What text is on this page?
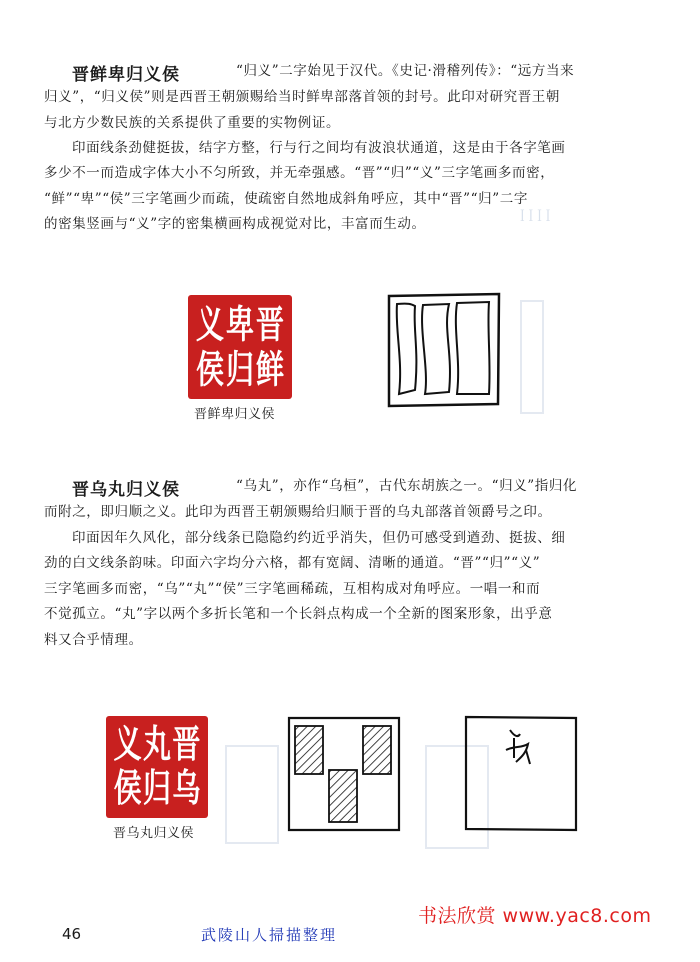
ꟾ ꟾ ꟾ ꟾ
晋鲜卑归义侯	“归义”二字始见于汉代。《史记·滑稽列传》：“远方当来
归义”，“归义侯”则是西晋王朝颁赐给当时鲜卑部落首领的封号。此印对研究晋王朝
与北方少数民族的关系提供了重要的实物例证。
印面线条劲健挺拔，结字方整，行与行之间均有波浪状通道，这是由于各字笔画
多少不一而造成字体大小不匀所致，并无牵强感。“晋”“归”“义”三字笔画多而密，
“鲜”“卑”“侯”三字笔画少而疏，使疏密自然地成斜角呼应，其中“晋”“归”二字
的密集竖画与“义”字的密集横画构成视觉对比，丰富而生动。
义 卑 晋
侯 归 鲜
晋鲜卑归义侯
晋乌丸归义侯	“乌丸”，亦作“乌桓”，古代东胡族之一。“归义”指归化
而附之，即归顺之义。此印为西晋王朝颁赐给归顺于晋的乌丸部落首领爵号之印。
印面因年久风化，部分线条已隐隐约约近乎消失，但仍可感受到遒劲、挺拔、细
劲的白文线条韵味。印面六字均分六格，都有宽阔、清晰的通道。“晋”“归”“义”
三字笔画多而密，“乌”“丸”“侯”三字笔画稀疏，互相构成对角呼应。一唱一和而
不觉孤立。“丸”字以两个多折长笔和一个长斜点构成一个全新的图案形象，出乎意
料又合乎情理。
义 丸 晋
侯 归 乌
晋乌丸归义侯
46	武陵山人掃描整理
书法欣赏 www.yac8.com
